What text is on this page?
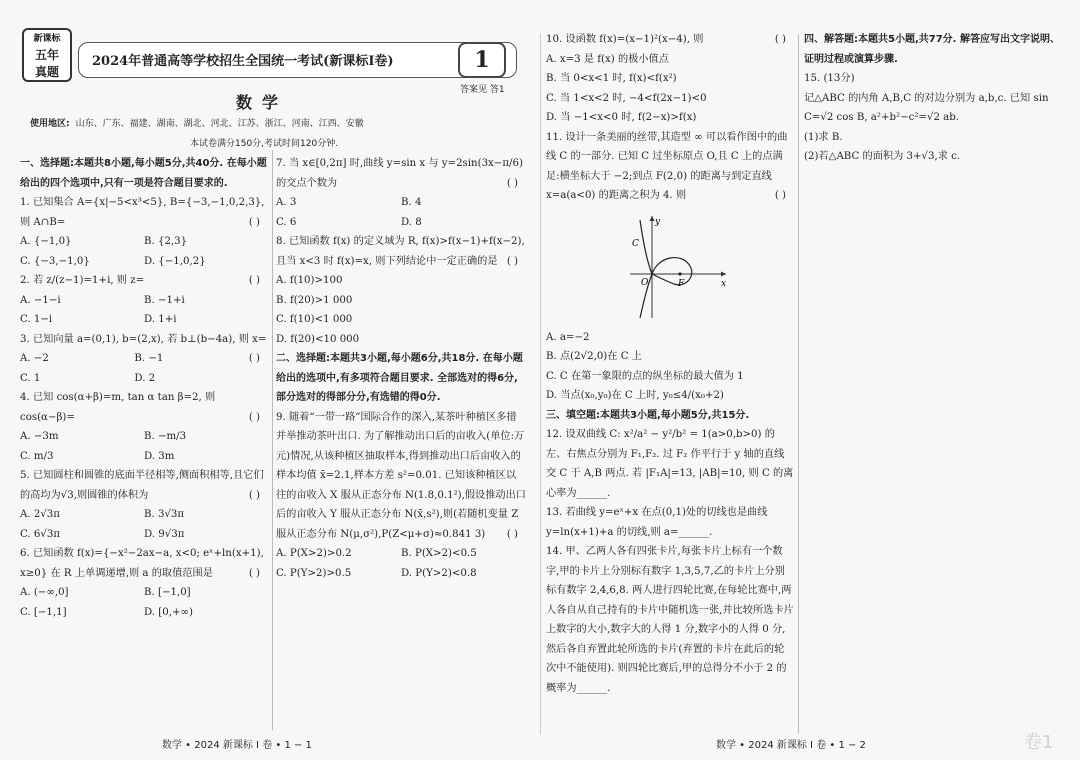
新课标
五年
真题
2024年普通高等学校招生全国统一考试(新课标Ⅰ卷)	1
答案见 答1
数学
使用地区: 山东、广东、福建、湖南、湖北、河北、江苏、浙江、河南、江西、安徽
本试卷满分150分,考试时间120分钟.

一、选择题:本题共8小题,每小题5分,共40分. 在每小题给出的四个选项中,只有一项是符合题目要求的.

1. 已知集合 A={x|−5<x³<5}, B={−3,−1,0,2,3}, 则 A∩B=	( )

A. {−1,0}	B. {2,3}
C. {−3,−1,0}	D. {−1,0,2}

2. 若 z/(z−1)=1+i, 则 z=	( )

A. −1−i	B. −1+i
C. 1−i	D. 1+i

3. 已知向量 a=(0,1), b=(2,x), 若 b⊥(b−4a), 则 x=
( )

A. −2	B. −1
C. 1	D. 2

4. 已知 cos(α+β)=m, tan α tan β=2, 则 cos(α−β)=	( )

A. −3m	B. −m/3
C. m/3	D. 3m

5. 已知圆柱和圆锥的底面半径相等,侧面积相等,且它们的高均为√3,则圆锥的体积为	( )

A. 2√3π	B. 3√3π
C. 6√3π	D. 9√3π

6. 已知函数 f(x)={−x²−2ax−a, x<0; eˣ+ln(x+1), x≥0} 在 R 上单调递增,则 a 的取值范围是	( )

A. (−∞,0]	B. [−1,0]
C. [−1,1]	D. [0,+∞)

7. 当 x∈[0,2π] 时,曲线 y=sin x 与 y=2sin(3x−π/6) 的交点个数为	( )

A. 3	B. 4
C. 6	D. 8

8. 已知函数 f(x) 的定义域为 R, f(x)>f(x−1)+f(x−2), 且当 x<3 时 f(x)=x, 则下列结论中一定正确的是 ( )

A. f(10)>100
B. f(20)>1 000
C. f(10)<1 000
D. f(20)<10 000

二、选择题:本题共3小题,每小题6分,共18分. 在每小题给出的选项中,有多项符合题目要求. 全部选对的得6分,部分选对的得部分分,有选错的得0分.

9. 随着“一带一路”国际合作的深入,某茶叶种植区多措并举推动茶叶出口. 为了解推动出口后的亩收入(单位:万元)情况,从该种植区抽取样本,得到推动出口后亩收入的样本均值 x̄=2.1,样本方差 s²=0.01. 已知该种植区以往的亩收入 X 服从正态分布 N(1.8,0.1²),假设推动出口后的亩收入 Y 服从正态分布 N(x̄,s²),则(若随机变量 Z 服从正态分布 N(μ,σ²),P(Z<μ+σ)≈0.841 3) ( )

A. P(X>2)>0.2	B. P(X>2)<0.5
C. P(Y>2)>0.5	D. P(Y>2)<0.8
数学 • 2024 新课标 Ⅰ 卷 • 1 − 1

10. 设函数 f(x)=(x−1)²(x−4), 则	( )

A. x=3 是 f(x) 的极小值点

B. 当 0<x<1 时, f(x)<f(x²)

C. 当 1<x<2 时, −4<f(2x−1)<0

D. 当 −1<x<0 时, f(2−x)>f(x)

11. 设计一条美丽的丝带,其造型 ∞ 可以看作图中的曲线 C 的一部分. 已知 C 过坐标原点 O,且 C 上的点满足:横坐标大于 −2;到点 F(2,0) 的距离与到定直线 x=a(a<0) 的距离之积为 4. 则	( )

y
x
O	F
C

A. a=−2

B. 点(2√2,0)在 C 上

C. C 在第一象限的点的纵坐标的最大值为 1

D. 当点(x₀,y₀)在 C 上时, y₀≤4/(x₀+2)

三、填空题:本题共3小题,每小题5分,共15分.

12. 设双曲线 C: x²/a² − y²/b² = 1(a>0,b>0) 的左、右焦点分别为 F₁,F₂. 过 F₂ 作平行于 y 轴的直线交 C 于 A,B 两点. 若 |F₁A|=13, |AB|=10, 则 C 的离心率为______.

13. 若曲线 y=eˣ+x 在点(0,1)处的切线也是曲线 y=ln(x+1)+a 的切线,则 a=______.

14. 甲、乙两人各有四张卡片,每张卡片上标有一个数字,甲的卡片上分别标有数字 1,3,5,7,乙的卡片上分别标有数字 2,4,6,8. 两人进行四轮比赛,在每轮比赛中,两人各自从自己持有的卡片中随机选一张,并比较所选卡片上数字的大小,数字大的人得 1 分,数字小的人得 0 分,然后各自弃置此轮所选的卡片(弃置的卡片在此后的轮次中不能使用). 则四轮比赛后,甲的总得分不小于 2 的概率为______.

数学 • 2024 新课标 Ⅰ 卷 • 1 − 2

四、解答题:本题共5小题,共77分. 解答应写出文字说明、证明过程或演算步骤.

15. (13分)

记△ABC 的内角 A,B,C 的对边分别为 a,b,c. 已知 sin C=√2 cos B, a²+b²−c²=√2 ab.

(1)求 B.

(2)若△ABC 的面积为 3+√3,求 c.

卷1
